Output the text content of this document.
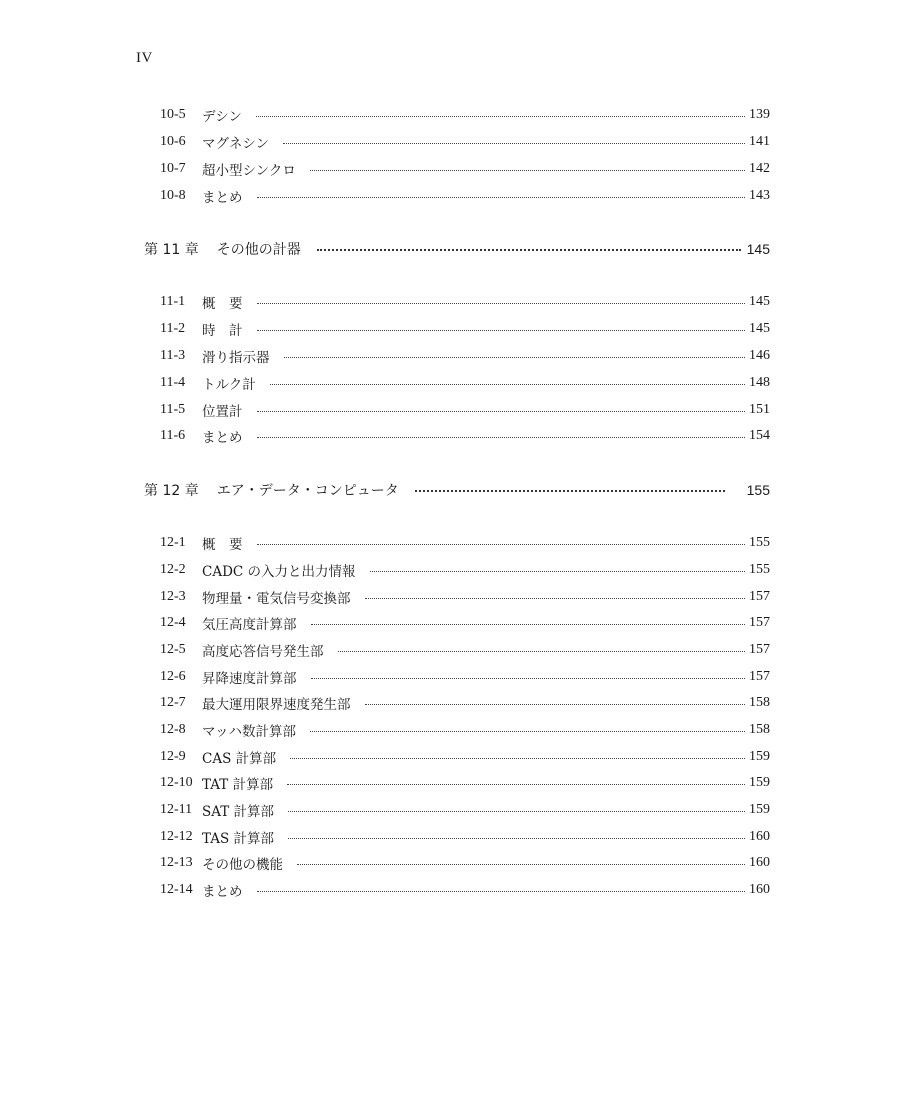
IV
10-5	デシン	139
10-6	マグネシン	141
10-7	超小型シンクロ	142
10-8	まとめ	143
第 11 章 その他の計器	145
11-1	概　要	145
11-2	時　計	145
11-3	滑り指示器	146
11-4	トルク計	148
11-5	位置計	151
11-6	まとめ	154
第 12 章 エア・データ・コンピュータ	155
12-1	概　要	155
12-2	CADC の入力と出力情報	155
12-3	物理量・電気信号変換部	157
12-4	気圧高度計算部	157
12-5	高度応答信号発生部	157
12-6	昇降速度計算部	157
12-7	最大運用限界速度発生部	158
12-8	マッハ数計算部	158
12-9	CAS 計算部	159
12-10 TAT 計算部	159
12-11 SAT 計算部	159
12-12 TAS 計算部	160
12-13 その他の機能	160
12-14 まとめ	160
